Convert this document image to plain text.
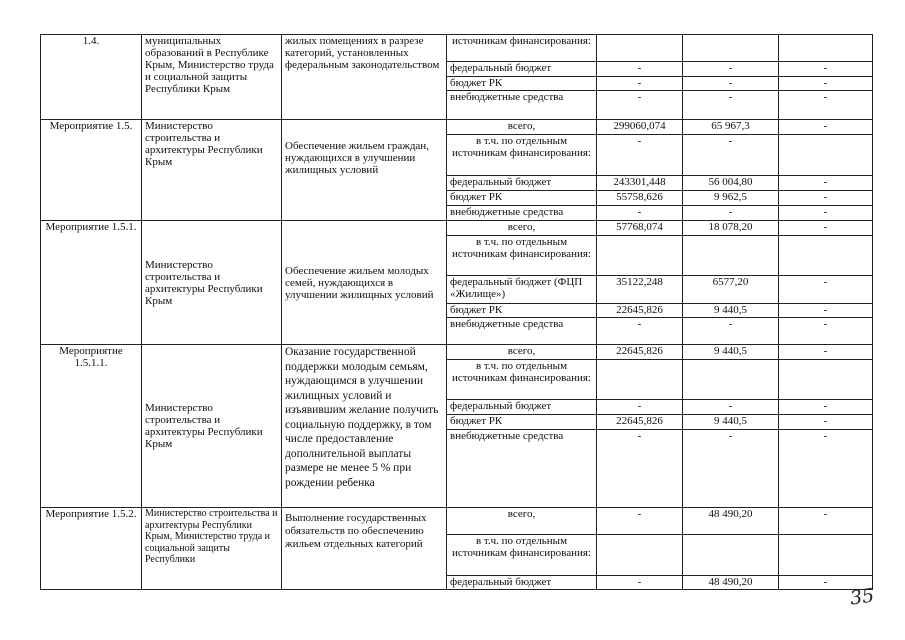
1.4.	муниципальных образований в Республике Крым, Министерство труда и социальной защиты Республики Крым	жилых помещениях в разрезе категорий, установленных федеральным законодательством	источникам финансирования:			
			федеральный бюджет	-	-	-
			бюджет РК	-	-	-
			внебюджетные средства	-	-	-
Мероприятие 1.5.	Министерство строительства и архитектуры Республики Крым	Обеспечение жильем граждан, нуждающихся в улучшении жилищных условий	всего,	299060,074	65 967,3	-
			в т.ч. по отдельным источникам финансирования:	-	-	
			федеральный бюджет	243301,448	56 004,80	-
			бюджет РК	55758,626	9 962,5	-
			внебюджетные средства	-	-	-
Мероприятие 1.5.1.	Министерство строительства и архитектуры Республики Крым	Обеспечение жильем молодых семей, нуждающихся в улучшении жилищных условий	всего,	57768,074	18 078,20	-
			в т.ч. по отдельным источникам финансирования:			
			федеральный бюджет (ФЦП «Жилище»)	35122,248	6577,20	-
			бюджет РК	22645,826	9 440,5	-
			внебюджетные средства	-	-	-
Мероприятие 1.5.1.1.	Министерство строительства и архитектуры Республики Крым	Оказание государственной поддержки молодым семьям, нуждающимся в улучшении жилищных условий и изъявившим желание получить социальную поддержку, в том числе предоставление дополнительной выплаты размере не менее 5 % при рождении ребенка	всего,	22645,826	9 440,5	-
			в т.ч. по отдельным источникам финансирования:			
			федеральный бюджет	-	-	-
			бюджет РК	22645,826	9 440,5	-
			внебюджетные средства	-	-	-
Мероприятие 1.5.2.	Министерство строительства и архитектуры Республики Крым, Министерство труда и социальной защиты Республики	Выполнение государственных обязательств по обеспечению жильем отдельных категорий	всего,	-	48 490,20	-
			в т.ч. по отдельным источникам финансирования:			
			федеральный бюджет	-	48 490,20	-
35
